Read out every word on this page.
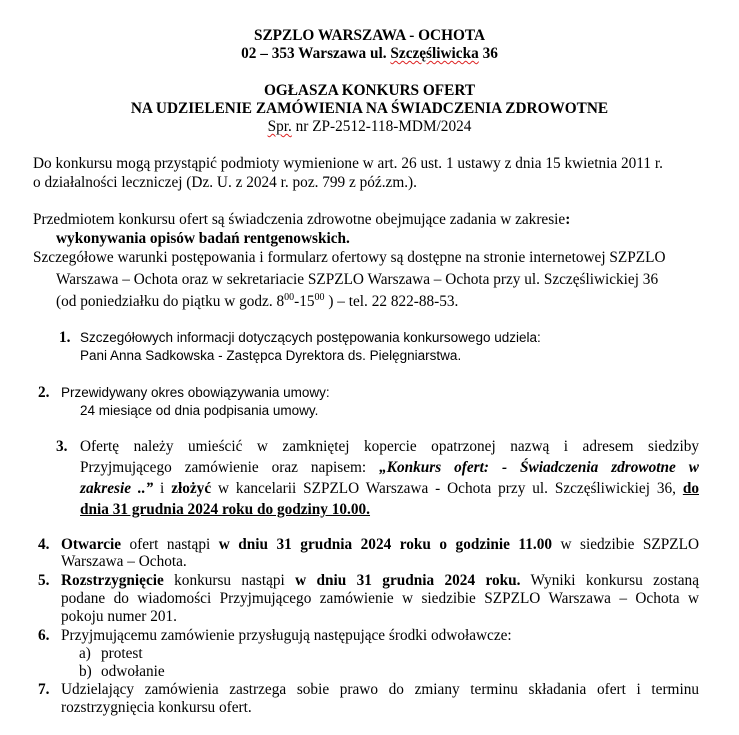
SZPZLO WARSZAWA - OCHOTA
02 – 353 Warszawa ul. Szczęśliwicka 36
OGŁASZA KONKURS OFERT
NA UDZIELENIE ZAMÓWIENIA NA ŚWIADCZENIA ZDROWOTNE
Spr. nr ZP-2512-118-MDM/2024
Do konkursu mogą przystąpić podmioty wymienione w art. 26 ust. 1 ustawy z dnia 15 kwietnia 2011 r.
o działalności leczniczej (Dz. U. z 2024 r. poz. 799 z póź.zm.).
Przedmiotem konkursu ofert są świadczenia zdrowotne obejmujące zadania w zakresie:
wykonywania opisów badań rentgenowskich.
Szczegółowe warunki postępowania i formularz ofertowy są dostępne na stronie internetowej SZPZLO
Warszawa – Ochota oraz w sekretariacie SZPZLO Warszawa – Ochota przy ul. Szczęśliwickiej 36
(od poniedziałku do piątku w godz. $8^{00}-15^{00}$ ) – tel. 22 822-88-53.
1. Szczegółowych informacji dotyczących postępowania konkursowego udziela:
Pani Anna Sadkowska - Zastępca Dyrektora ds. Pielęgniarstwa.
2. Przewidywany okres obowiązywania umowy:
24 miesiące od dnia podpisania umowy.
3. Ofertę należy umieścić w zamkniętej kopercie opatrzonej nazwą i adresem siedziby
Przyjmującego zamówienie oraz napisem: „Konkurs ofert: - Świadczenia zdrowotne w
zakresie ..” i złożyć w kancelarii SZPZLO Warszawa - Ochota przy ul. Szczęśliwickiej 36, do
dnia 31 grudnia 2024 roku do godziny 10.00.
4. Otwarcie ofert nastąpi w dniu 31 grudnia 2024 roku o godzinie 11.00 w siedzibie SZPZLO
Warszawa – Ochota.
5. Rozstrzygnięcie konkursu nastąpi w dniu 31 grudnia 2024 roku. Wyniki konkursu zostaną
podane do wiadomości Przyjmującego zamówienie w siedzibie SZPZLO Warszawa – Ochota w
pokoju numer 201.
6. Przyjmującemu zamówienie przysługują następujące środki odwoławcze:
a) protest
b) odwołanie
7. Udzielający zamówienia zastrzega sobie prawo do zmiany terminu składania ofert i terminu
rozstrzygnięcia konkursu ofert.
